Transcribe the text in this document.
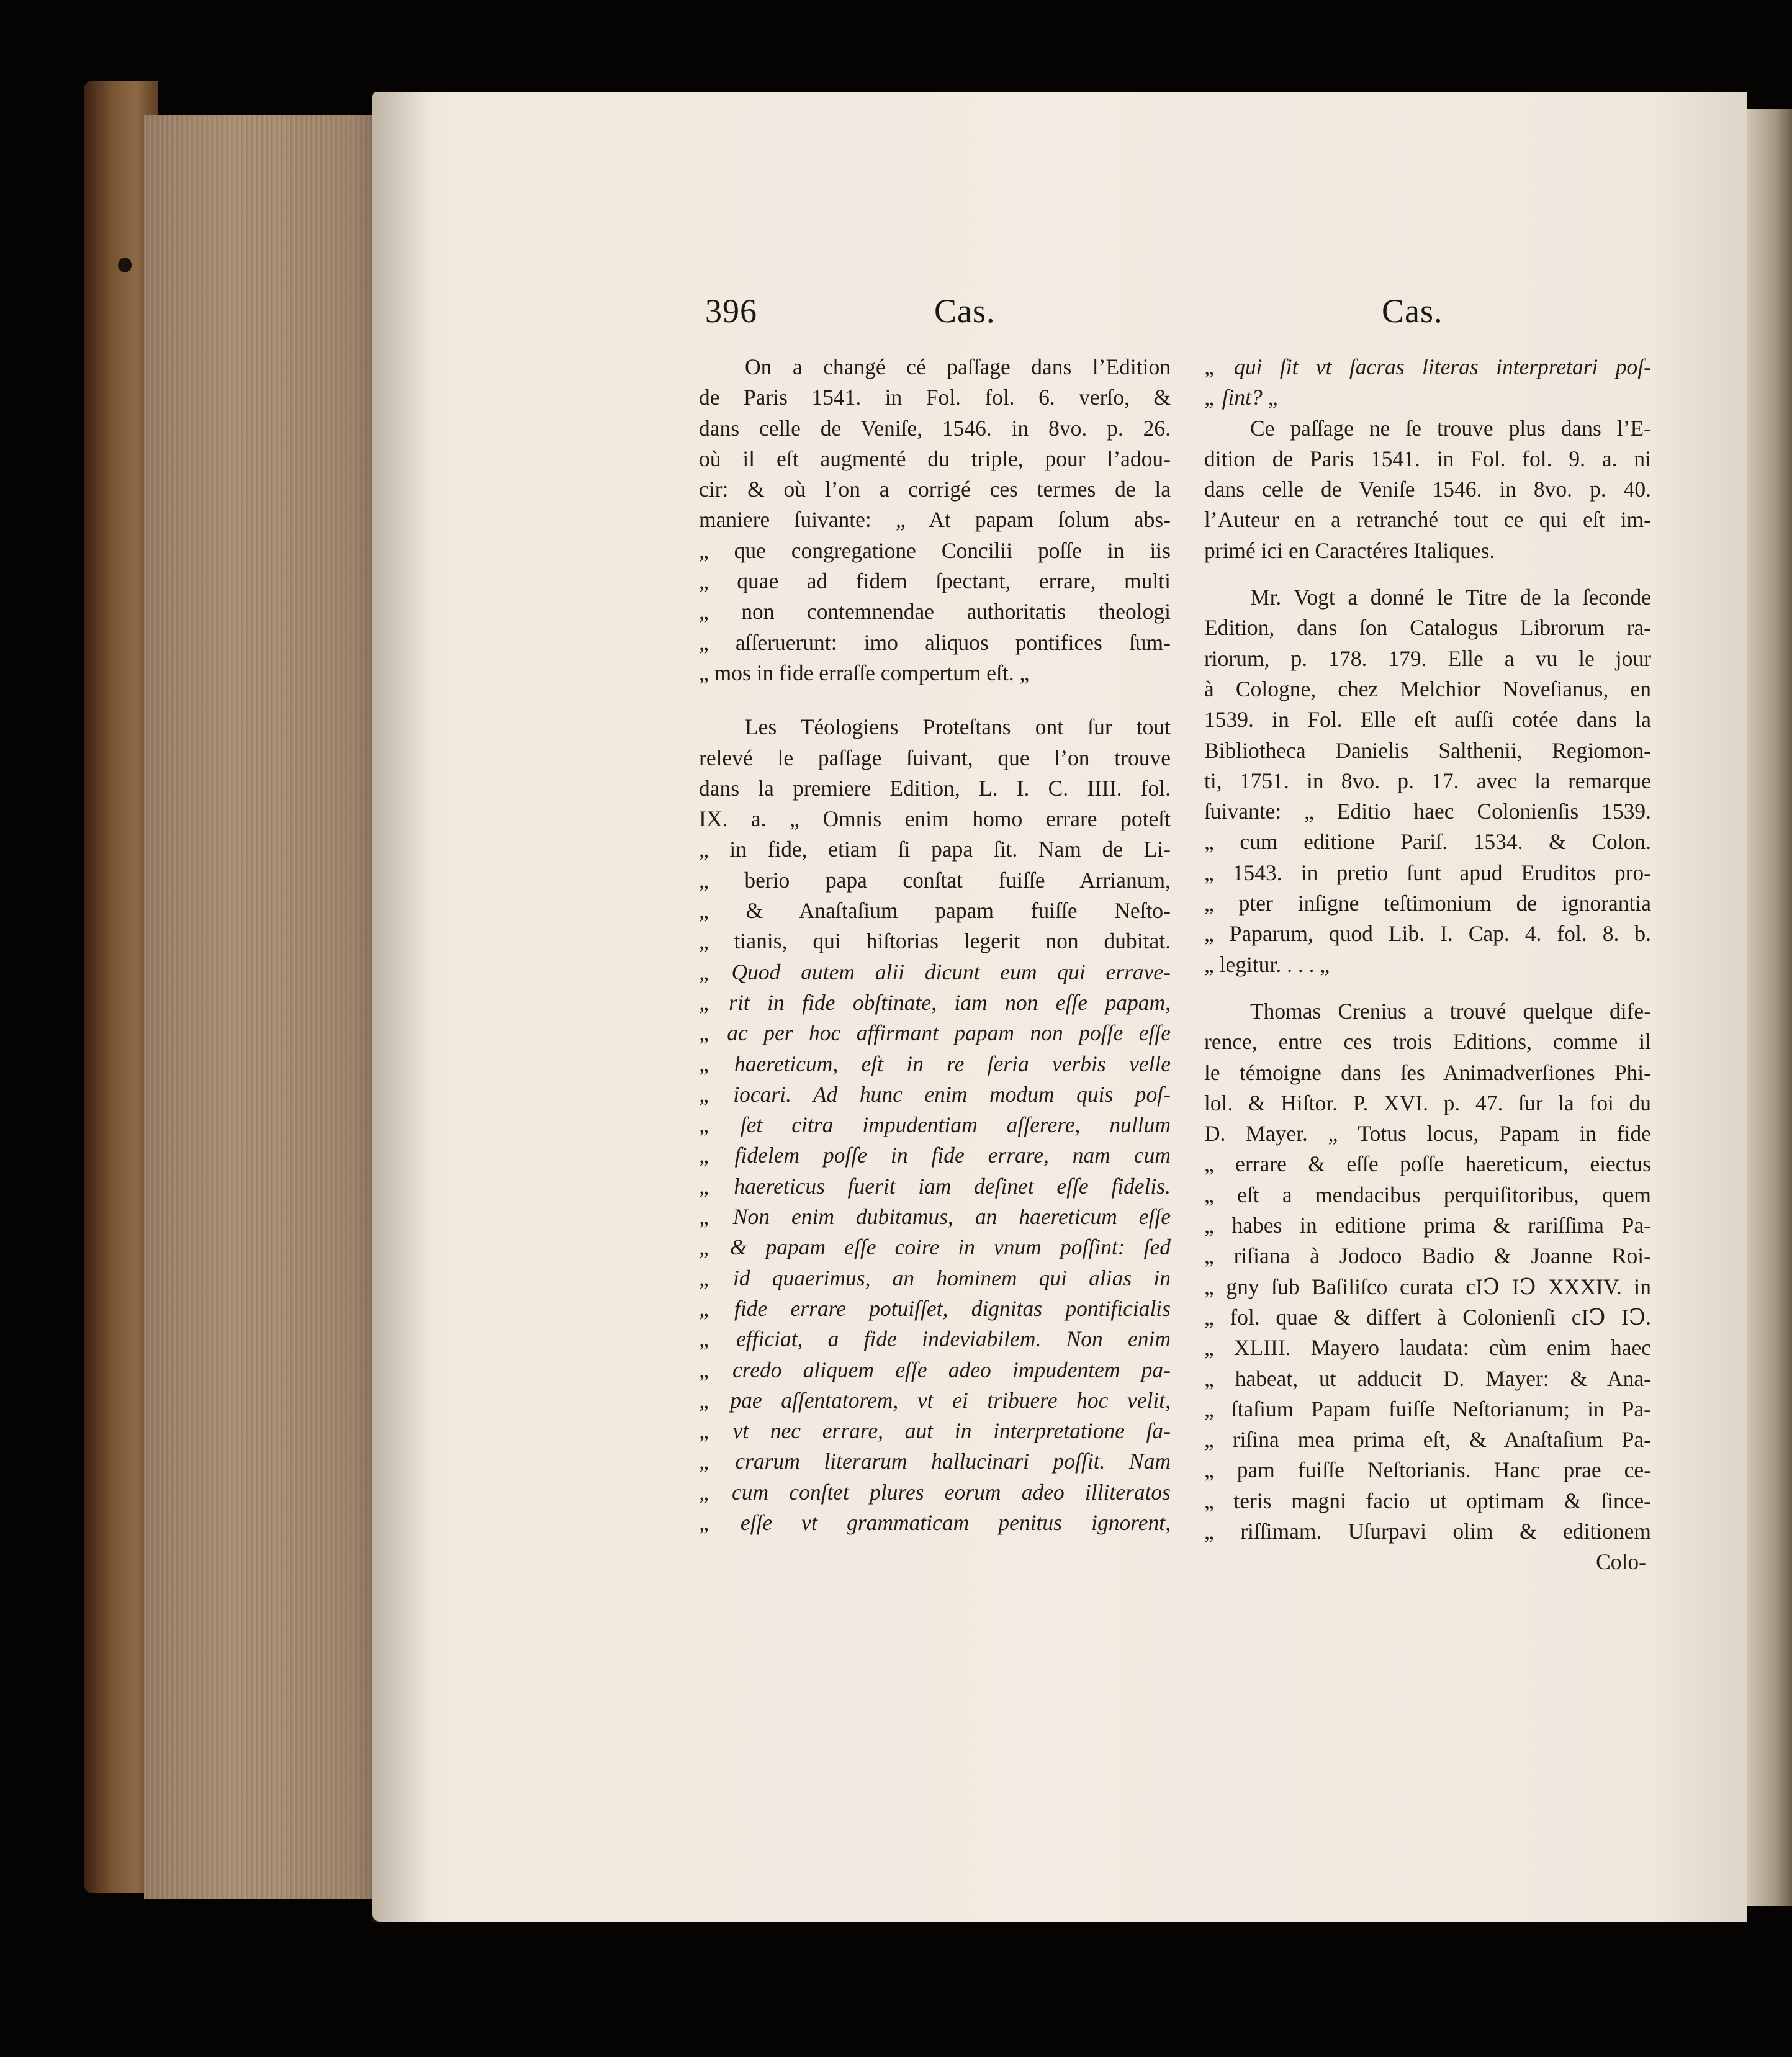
396	Cas.	Cas.
On a changé cé paſſage dans l’Edition
de Paris 1541. in Fol. fol. 6. verſo, &
dans celle de Veniſe, 1546. in 8vo. p. 26.
où il eſt augmenté du triple, pour l’adou-
cir: & où l’on a corrigé ces termes de la
maniere ſuivante: „ At papam ſolum abs-
„ que congregatione Concilii poſſe in iis
„ quae ad fidem ſpectant, errare, multi
„ non contemnendae authoritatis theologi
„ aſſeruerunt: imo aliquos pontifices ſum-
„ mos in fide erraſſe compertum eſt. „
Les Téologiens Proteſtans ont ſur tout
relevé le paſſage ſuivant, que l’on trouve
dans la premiere Edition, L. I. C. IIII. fol.
IX. a. „ Omnis enim homo errare poteſt
„ in fide, etiam ſi papa ſit. Nam de Li-
„ berio papa conſtat fuiſſe Arrianum,
„ & Anaſtaſium papam fuiſſe Neſto-
„ tianis, qui hiſtorias legerit non dubitat.
„ Quod autem alii dicunt eum qui errave-
„ rit in fide obſtinate, iam non eſſe papam,
„ ac per hoc affirmant papam non poſſe eſſe
„ haereticum, eſt in re ſeria verbis velle
„ iocari. Ad hunc enim modum quis poſ-
„ ſet citra impudentiam aſſerere, nullum
„ fidelem poſſe in fide errare, nam cum
„ haereticus fuerit iam deſinet eſſe fidelis.
„ Non enim dubitamus, an haereticum eſſe
„ & papam eſſe coire in vnum poſſint: ſed
„ id quaerimus, an hominem qui alias in
„ fide errare potuiſſet, dignitas pontificialis
„ efficiat, a fide indeviabilem. Non enim
„ credo aliquem eſſe adeo impudentem pa-
„ pae aſſentatorem, vt ei tribuere hoc velit,
„ vt nec errare, aut in interpretatione ſa-
„ crarum literarum hallucinari poſſit. Nam
„ cum conſtet plures eorum adeo illiteratos
„ eſſe vt grammaticam penitus ignorent,
„ qui ſit vt ſacras literas interpretari poſ-
„ ſint? „
Ce paſſage ne ſe trouve plus dans l’E-
dition de Paris 1541. in Fol. fol. 9. a. ni
dans celle de Veniſe 1546. in 8vo. p. 40.
l’Auteur en a retranché tout ce qui eſt im-
primé ici en Caractéres Italiques.
Mr. Vogt a donné le Titre de la ſeconde
Edition, dans ſon Catalogus Librorum ra-
riorum, p. 178. 179. Elle a vu le jour
à Cologne, chez Melchior Noveſianus, en
1539. in Fol. Elle eſt auſſi cotée dans la
Bibliotheca Danielis Salthenii, Regiomon-
ti, 1751. in 8vo. p. 17. avec la remarque
ſuivante: „ Editio haec Colonienſis 1539.
„ cum editione Pariſ. 1534. & Colon.
„ 1543. in pretio ſunt apud Eruditos pro-
„ pter inſigne teſtimonium de ignorantia
„ Paparum, quod Lib. I. Cap. 4. fol. 8. b.
„ legitur. . . . „
Thomas Crenius a trouvé quelque dife-
rence, entre ces trois Editions, comme il
le témoigne dans ſes Animadverſiones Phi-
lol. & Hiſtor. P. XVI. p. 47. ſur la foi du
D. Mayer. „ Totus locus, Papam in fide
„ errare & eſſe poſſe haereticum, eiectus
„ eſt a mendacibus perquiſitoribus, quem
„ habes in editione prima & rariſſima Pa-
„ riſiana à Jodoco Badio & Joanne Roi-
„ gny ſub Baſiliſco curata cIↃ IↃ XXXIV. in
„ fol. quae & differt à Colonienſi cIↃ IↃ.
„ XLIII. Mayero laudata: cùm enim haec
„ habeat, ut adducit D. Mayer: & Ana-
„ ſtaſium Papam fuiſſe Neſtorianum; in Pa-
„ riſina mea prima eſt, & Anaſtaſium Pa-
„ pam fuiſſe Neſtorianis. Hanc prae ce-
„ teris magni facio ut optimam & ſince-
„ riſſimam. Uſurpavi olim & editionem
Colo-
